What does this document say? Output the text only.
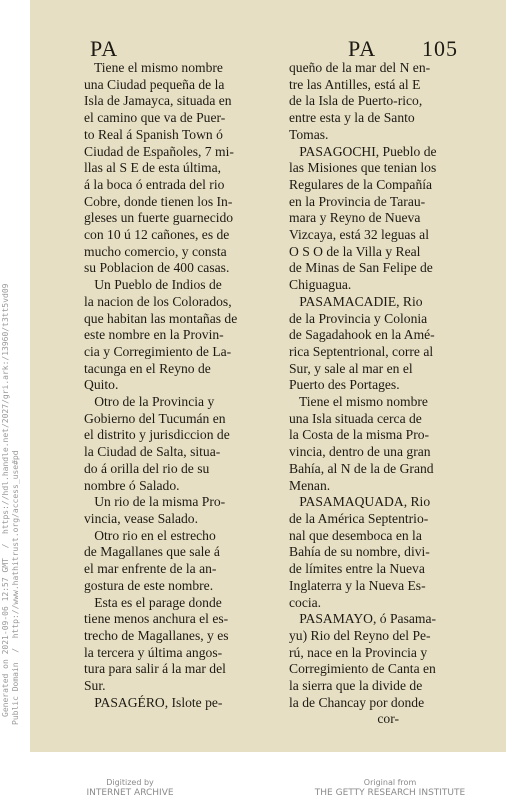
Generated on 2021-09-06 12:57 GMT  /  https://hdl.handle.net/2027/gri.ark:/13960/t3tt5vd09 Public Domain  /  http://www.hathitrust.org/access_use#pd
PA	PA 105
Tiene el mismo nombre
una Ciudad pequeña de la
Isla de Jamayca, situada en
el camino que va de Puer-
to Real á Spanish Town ó
Ciudad de Españoles, 7 mi-
llas al S E de esta última,
á la boca ó entrada del rio
Cobre, donde tienen los In-
gleses un fuerte guarnecido
con 10 ú 12 cañones, es de
mucho comercio, y consta
su Poblacion de 400 casas.
Un Pueblo de Indios de
la nacion de los Colorados,
que habitan las montañas de
este nombre en la Provin-
cia y Corregimiento de La-
tacunga en el Reyno de
Quito.
Otro de la Provincia y
Gobierno del Tucumán en
el distrito y jurisdiccion de
la Ciudad de Salta, situa-
do á orilla del rio de su
nombre ó Salado.
Un rio de la misma Pro-
vincia, vease Salado.
Otro rio en el estrecho
de Magallanes que sale á
el mar enfrente de la an-
gostura de este nombre.
Esta es el parage donde
tiene menos anchura el es-
trecho de Magallanes, y es
la tercera y última angos-
tura para salir á la mar del
Sur.
PASAGÉRO, Islote pe-
queño de la mar del N en-
tre las Antilles, está al E
de la Isla de Puerto-rico,
entre esta y la de Santo
Tomas.
PASAGOCHI, Pueblo de
las Misiones que tenian los
Regulares de la Compañía
en la Provincia de Tarau-
mara y Reyno de Nueva
Vizcaya, está 32 leguas al
O S O de la Villa y Real
de Minas de San Felipe de
Chiguagua.
PASAMACADIE, Rio
de la Provincia y Colonia
de Sagadahook en la Amé-
rica Septentrional, corre al
Sur, y sale al mar en el
Puerto des Portages.
Tiene el mismo nombre
una Isla situada cerca de
la Costa de la misma Pro-
vincia, dentro de una gran
Bahía, al N de la de Grand
Menan.
PASAMAQUADA, Rio
de la América Septentrio-
nal que desemboca en la
Bahía de su nombre, divi-
de límites entre la Nueva
Inglaterra y la Nueva Es-
cocia.
PASAMAYO, ó Pasama-
yu) Rio del Reyno del Pe-
rú, nace en la Provincia y
Corregimiento de Canta en
la sierra que la divide de
la de Chancay por donde
cor-
Digitized by
INTERNET ARCHIVE
Original from
THE GETTY RESEARCH INSTITUTE
